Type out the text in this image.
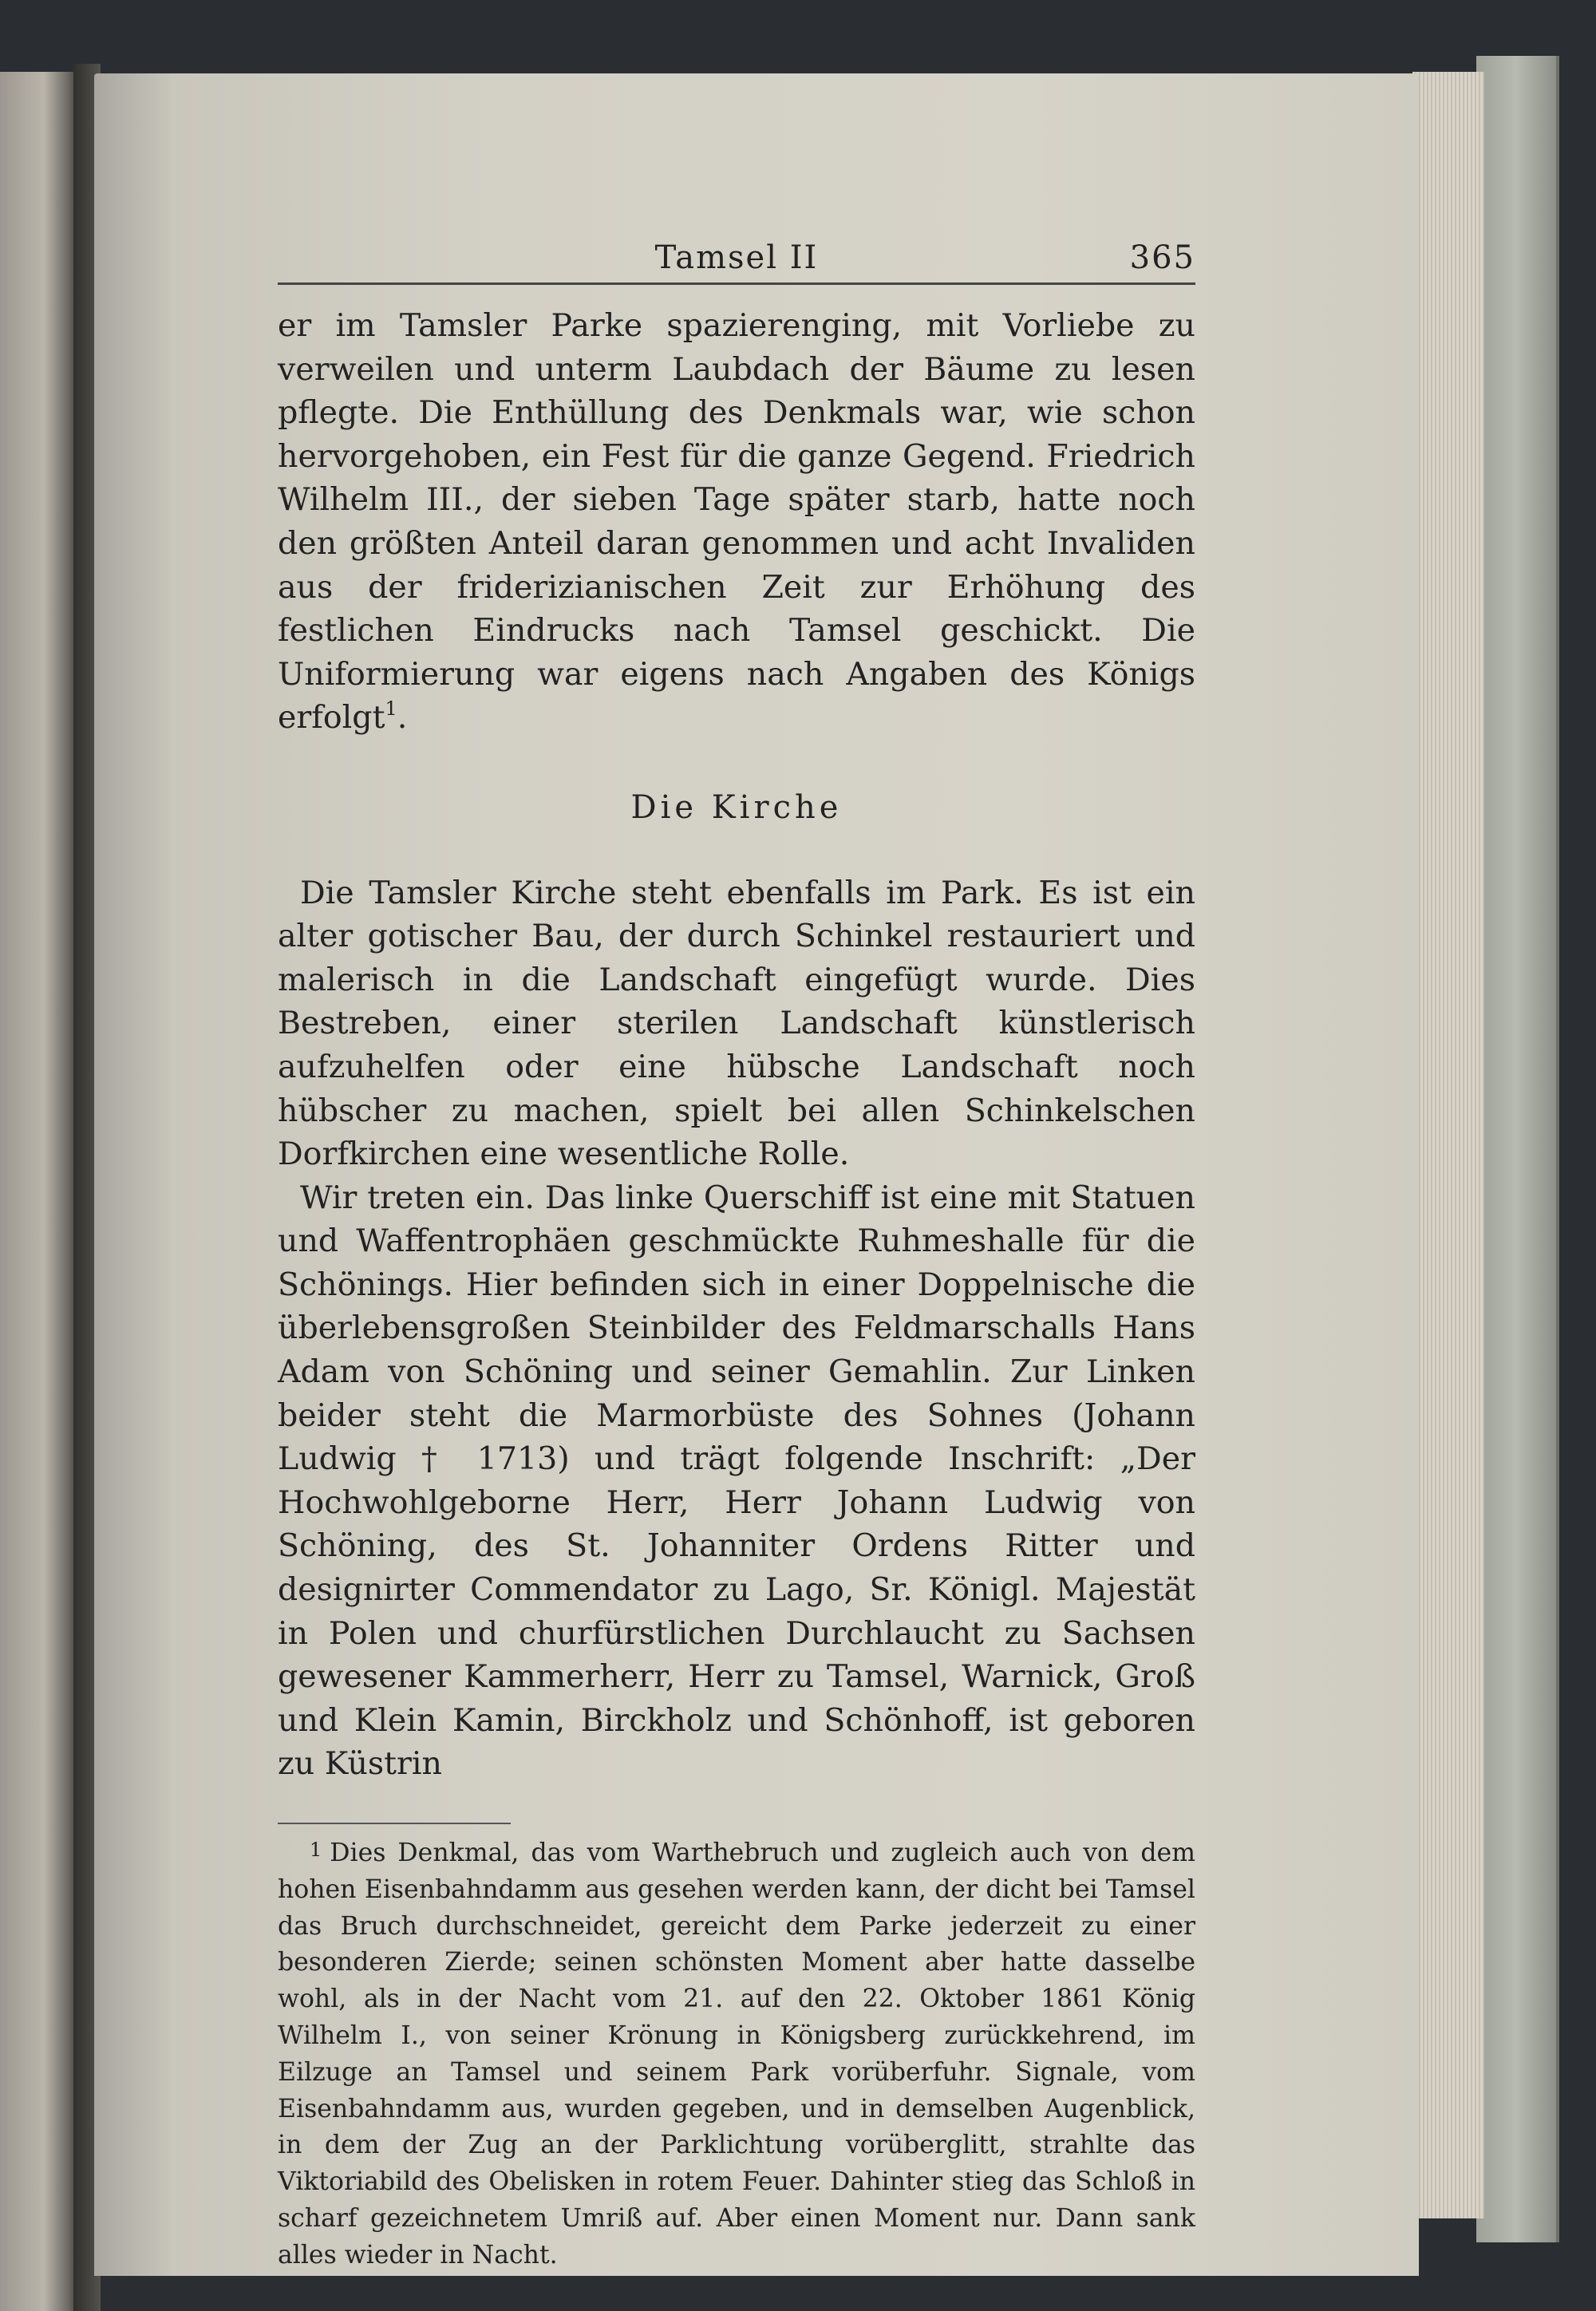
Tamsel II	365

er im Tamsler Parke spazierenging, mit Vorliebe zu verweilen und unterm Laubdach der Bäume zu lesen pflegte. Die Enthüllung des Denkmals war, wie schon hervorgehoben, ein Fest für die ganze Gegend. Friedrich Wilhelm III., der sieben Tage später starb, hatte noch den größten Anteil daran genommen und acht Invaliden aus der friderizianischen Zeit zur Erhöhung des festlichen Eindrucks nach Tamsel geschickt. Die Uniformierung war eigens nach Angaben des Königs erfolgt$^1$.

Die Kirche

Die Tamsler Kirche steht ebenfalls im Park. Es ist ein alter gotischer Bau, der durch Schinkel restauriert und malerisch in die Landschaft eingefügt wurde. Dies Bestreben, einer sterilen Landschaft künstlerisch aufzuhelfen oder eine hübsche Landschaft noch hübscher zu machen, spielt bei allen Schinkelschen Dorfkirchen eine wesentliche Rolle.

Wir treten ein. Das linke Querschiff ist eine mit Statuen und Waffentrophäen geschmückte Ruhmeshalle für die Schönings. Hier befinden sich in einer Doppelnische die überlebensgroßen Steinbilder des Feldmarschalls Hans Adam von Schöning und seiner Gemahlin. Zur Linken beider steht die Marmorbüste des Sohnes (Johann Ludwig † 1713) und trägt folgende Inschrift: „Der Hochwohlgeborne Herr, Herr Johann Ludwig von Schöning, des St. Johanniter Ordens Ritter und designirter Commendator zu Lago, Sr. Königl. Majestät in Polen und churfürstlichen Durchlaucht zu Sachsen gewesener Kammerherr, Herr zu Tamsel, Warnick, Groß und Klein Kamin, Birckholz und Schönhoff, ist geboren zu Küstrin

1 Dies Denkmal, das vom Warthebruch und zugleich auch von dem hohen Eisenbahndamm aus gesehen werden kann, der dicht bei Tamsel das Bruch durchschneidet, gereicht dem Parke jederzeit zu einer besonderen Zierde; seinen schönsten Moment aber hatte dasselbe wohl, als in der Nacht vom 21. auf den 22. Oktober 1861 König Wilhelm I., von seiner Krönung in Königsberg zurückkehrend, im Eilzuge an Tamsel und seinem Park vorüberfuhr. Signale, vom Eisenbahndamm aus, wurden gegeben, und in demselben Augenblick, in dem der Zug an der Parklichtung vorüberglitt, strahlte das Viktoriabild des Obelisken in rotem Feuer. Dahinter stieg das Schloß in scharf gezeichnetem Umriß auf. Aber einen Moment nur. Dann sank alles wieder in Nacht.
